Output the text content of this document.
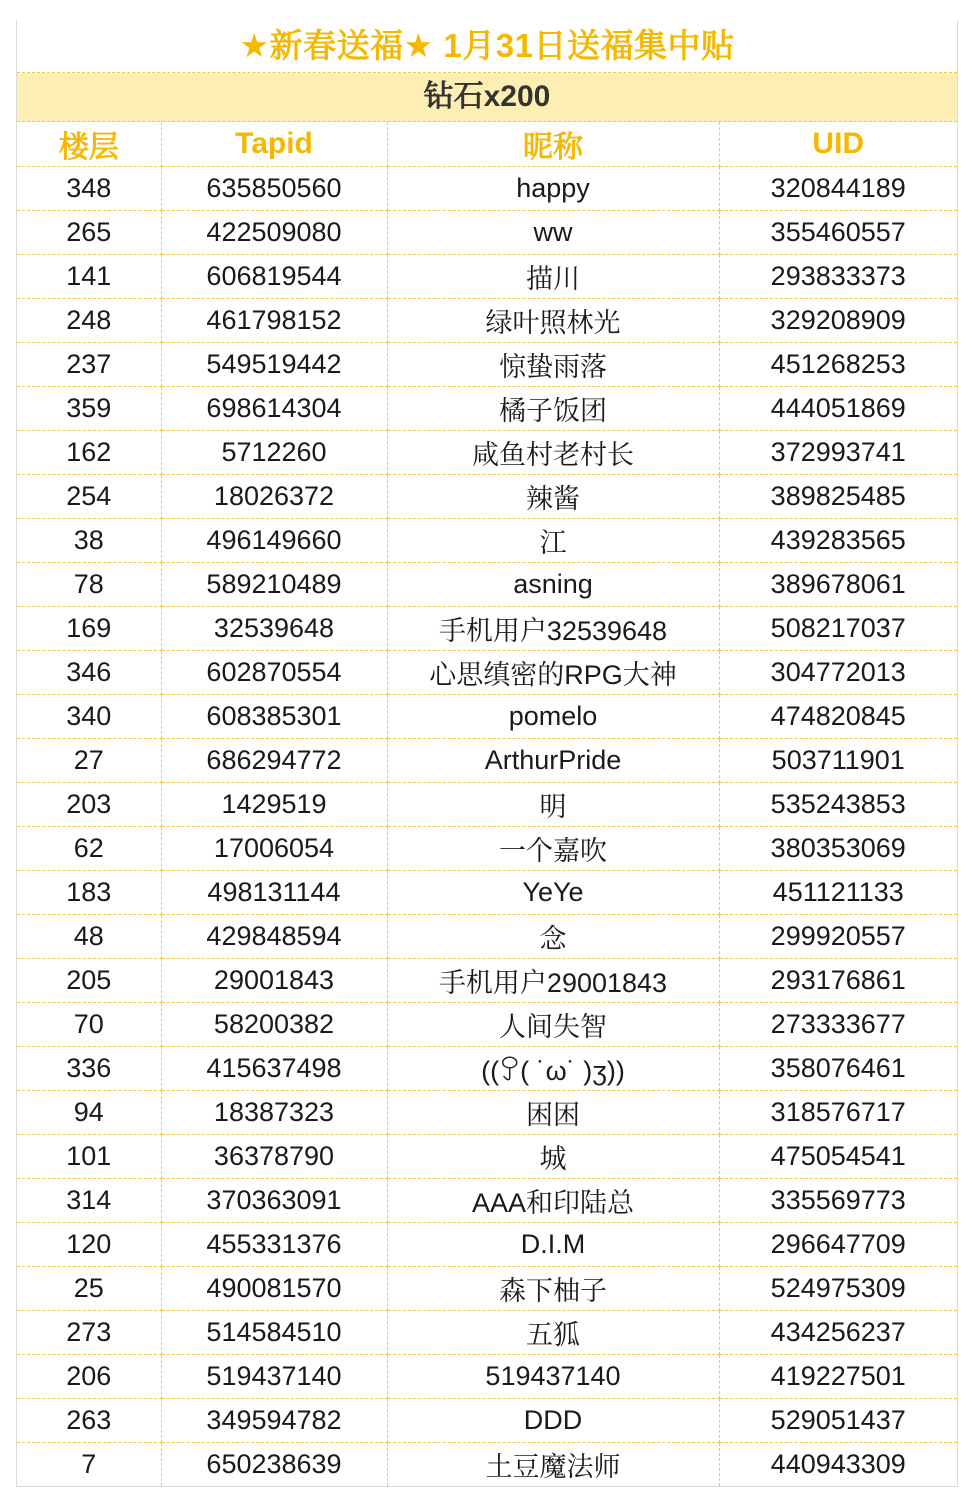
★新春送福★ 1月31日送福集中贴
钻石x200
楼层	Tapid	昵称	UID
348	635850560	happy	320844189
265	422509080	ww	355460557
141	606819544	描川	293833373
248	461798152	绿叶照林光	329208909
237	549519442	惊蛰雨落	451268253
359	698614304	橘子饭团	444051869
162	5712260	咸鱼村老村长	372993741
254	18026372	辣酱	389825485
38	496149660	江	439283565
78	589210489	asning	389678061
169	32539648	手机用户32539648	508217037
346	602870554	心思缜密的RPG大神	304772013
340	608385301	pomelo	474820845
27	686294772	ArthurPride	503711901
203	1429519	明	535243853
62	17006054	一个嘉吹	380353069
183	498131144	YeYe	451121133
48	429848594	念	299920557
205	29001843	手机用户29001843	293176861
70	58200382	人间失智	273333677
336	415637498	((ꎤ( ˙ω˙ )ʒ))	358076461
94	18387323	困困	318576717
101	36378790	城	475054541
314	370363091	AAA和印陆总	335569773
120	455331376	D.I.M	296647709
25	490081570	森下柚子	524975309
273	514584510	五狐	434256237
206	519437140	519437140	419227501
263	349594782	DDD	529051437
7	650238639	土豆魔法师	440943309
